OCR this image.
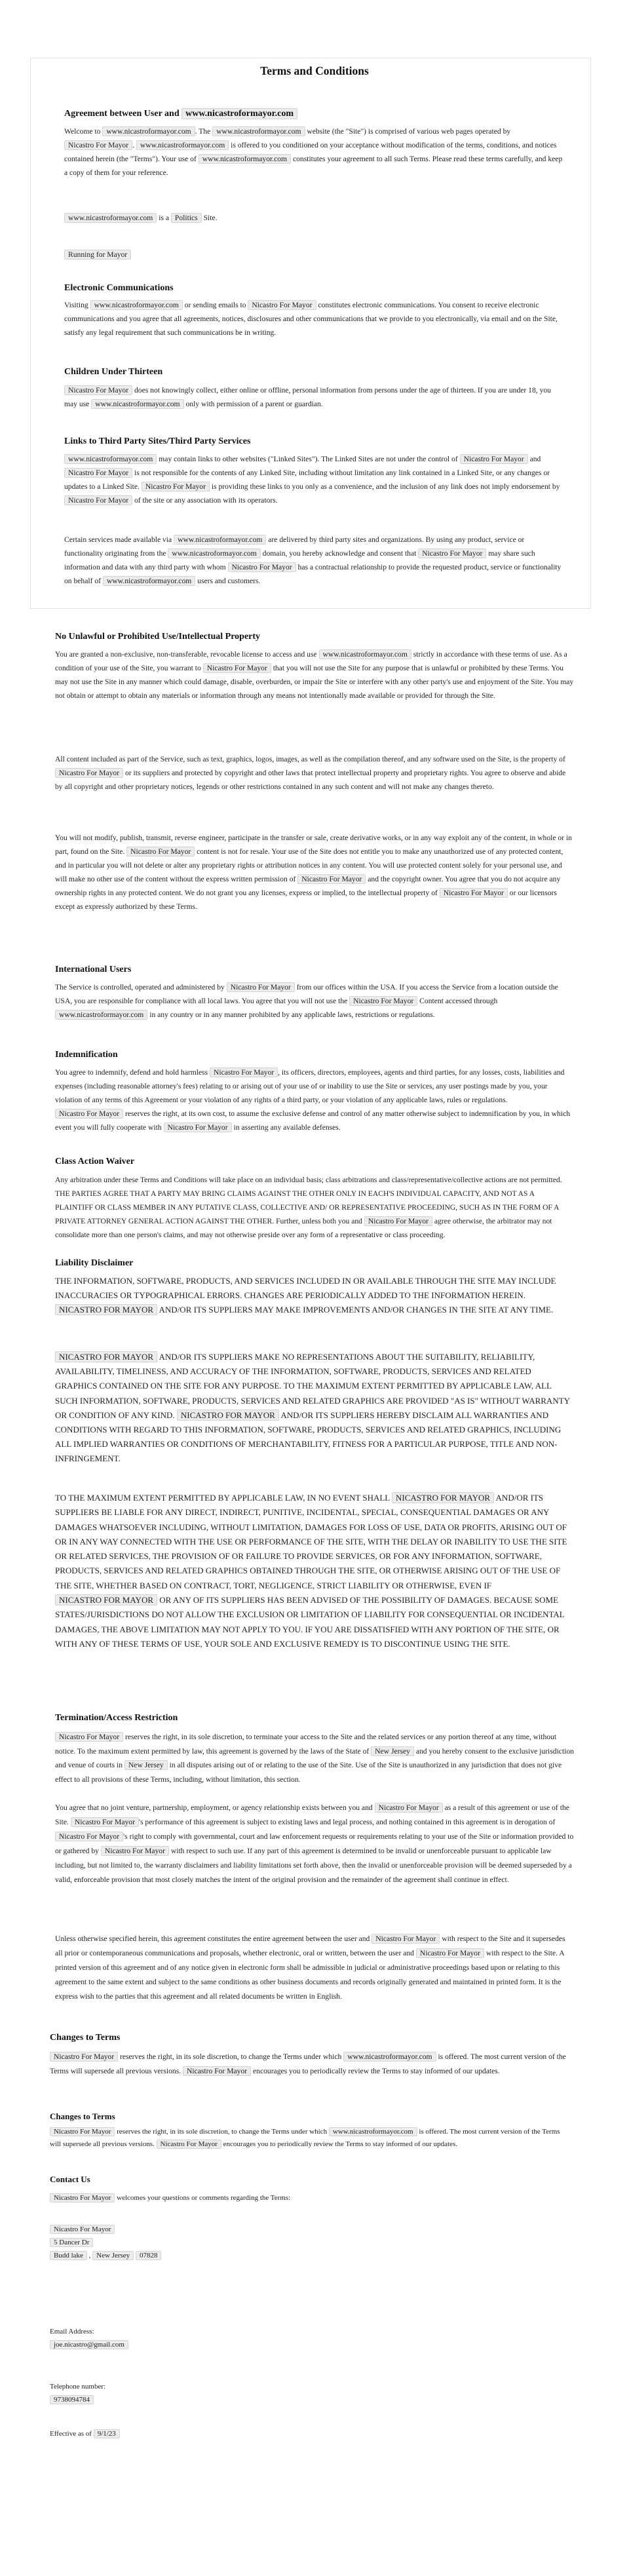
Terms and Conditions
Agreement between User and www.nicastroformayor.com

Welcome to www.nicastroformayor.com . The www.nicastroformayor.com website (the "Site") is comprised of various web pages operated by Nicastro For Mayor . www.nicastroformayor.com is offered to you conditioned on your acceptance without modification of the terms, conditions, and notices contained herein (the "Terms"). Your use of www.nicastroformayor.com constitutes your agreement to all such Terms. Please read these terms carefully, and keep a copy of them for your reference.

www.nicastroformayor.com is a Politics Site.

Running for Mayor
Electronic Communications

Visiting www.nicastroformayor.com or sending emails to Nicastro For Mayor constitutes electronic communications. You consent to receive electronic communications and you agree that all agreements, notices, disclosures and other communications that we provide to you electronically, via email and on the Site, satisfy any legal requirement that such communications be in writing.

Children Under Thirteen

Nicastro For Mayor does not knowingly collect, either online or offline, personal information from persons under the age of thirteen. If you are under 18, you may use www.nicastroformayor.com only with permission of a parent or guardian.

Links to Third Party Sites/Third Party Services

www.nicastroformayor.com may contain links to other websites ("Linked Sites"). The Linked Sites are not under the control of Nicastro For Mayor and Nicastro For Mayor is not responsible for the contents of any Linked Site, including without limitation any link contained in a Linked Site, or any changes or updates to a Linked Site. Nicastro For Mayor is providing these links to you only as a convenience, and the inclusion of any link does not imply endorsement by Nicastro For Mayor of the site or any association with its operators.

Certain services made available via www.nicastroformayor.com are delivered by third party sites and organizations. By using any product, service or functionality originating from the www.nicastroformayor.com domain, you hereby acknowledge and consent that Nicastro For Mayor may share such information and data with any third party with whom Nicastro For Mayor has a contractual relationship to provide the requested product, service or functionality on behalf of www.nicastroformayor.com users and customers.

No Unlawful or Prohibited Use/Intellectual Property

You are granted a non-exclusive, non-transferable, revocable license to access and use www.nicastroformayor.com strictly in accordance with these terms of use. As a condition of your use of the Site, you warrant to Nicastro For Mayor that you will not use the Site for any purpose that is unlawful or prohibited by these Terms. You may not use the Site in any manner which could damage, disable, overburden, or impair the Site or interfere with any other party's use and enjoyment of the Site. You may not obtain or attempt to obtain any materials or information through any means not intentionally made available or provided for through the Site.

All content included as part of the Service, such as text, graphics, logos, images, as well as the compilation thereof, and any software used on the Site, is the property of Nicastro For Mayor or its suppliers and protected by copyright and other laws that protect intellectual property and proprietary rights. You agree to observe and abide by all copyright and other proprietary notices, legends or other restrictions contained in any such content and will not make any changes thereto.

You will not modify, publish, transmit, reverse engineer, participate in the transfer or sale, create derivative works, or in any way exploit any of the content, in whole or in part, found on the Site. Nicastro For Mayor content is not for resale. Your use of the Site does not entitle you to make any unauthorized use of any protected content, and in particular you will not delete or alter any proprietary rights or attribution notices in any content. You will use protected content solely for your personal use, and will make no other use of the content without the express written permission of Nicastro For Mayor and the copyright owner. You agree that you do not acquire any ownership rights in any protected content. We do not grant you any licenses, express or implied, to the intellectual property of Nicastro For Mayor or our licensors except as expressly authorized by these Terms.

International Users

The Service is controlled, operated and administered by Nicastro For Mayor from our offices within the USA. If you access the Service from a location outside the USA, you are responsible for compliance with all local laws. You agree that you will not use the Nicastro For Mayor Content accessed through www.nicastroformayor.com in any country or in any manner prohibited by any applicable laws, restrictions or regulations.

Indemnification

You agree to indemnify, defend and hold harmless Nicastro For Mayor , its officers, directors, employees, agents and third parties, for any losses, costs, liabilities and expenses (including reasonable attorney's fees) relating to or arising out of your use of or inability to use the Site or services, any user postings made by you, your violation of any terms of this Agreement or your violation of any rights of a third party, or your violation of any applicable laws, rules or regulations. Nicastro For Mayor reserves the right, at its own cost, to assume the exclusive defense and control of any matter otherwise subject to indemnification by you, in which event you will fully cooperate with Nicastro For Mayor in asserting any available defenses.

Class Action Waiver

Any arbitration under these Terms and Conditions will take place on an individual basis; class arbitrations and class/representative/collective actions are not permitted. THE PARTIES AGREE THAT A PARTY MAY BRING CLAIMS AGAINST THE OTHER ONLY IN EACH'S INDIVIDUAL CAPACITY, AND NOT AS A PLAINTIFF OR CLASS MEMBER IN ANY PUTATIVE CLASS, COLLECTIVE AND/ OR REPRESENTATIVE PROCEEDING, SUCH AS IN THE FORM OF A PRIVATE ATTORNEY GENERAL ACTION AGAINST THE OTHER. Further, unless both you and Nicastro For Mayor agree otherwise, the arbitrator may not consolidate more than one person's claims, and may not otherwise preside over any form of a representative or class proceeding.

Liability Disclaimer

THE INFORMATION, SOFTWARE, PRODUCTS, AND SERVICES INCLUDED IN OR AVAILABLE THROUGH THE SITE MAY INCLUDE INACCURACIES OR TYPOGRAPHICAL ERRORS. CHANGES ARE PERIODICALLY ADDED TO THE INFORMATION HEREIN. NICASTRO FOR MAYOR AND/OR ITS SUPPLIERS MAY MAKE IMPROVEMENTS AND/OR CHANGES IN THE SITE AT ANY TIME.

NICASTRO FOR MAYOR AND/OR ITS SUPPLIERS MAKE NO REPRESENTATIONS ABOUT THE SUITABILITY, RELIABILITY, AVAILABILITY, TIMELINESS, AND ACCURACY OF THE INFORMATION, SOFTWARE, PRODUCTS, SERVICES AND RELATED GRAPHICS CONTAINED ON THE SITE FOR ANY PURPOSE. TO THE MAXIMUM EXTENT PERMITTED BY APPLICABLE LAW, ALL SUCH INFORMATION, SOFTWARE, PRODUCTS, SERVICES AND RELATED GRAPHICS ARE PROVIDED "AS IS" WITHOUT WARRANTY OR CONDITION OF ANY KIND. NICASTRO FOR MAYOR AND/OR ITS SUPPLIERS HEREBY DISCLAIM ALL WARRANTIES AND CONDITIONS WITH REGARD TO THIS INFORMATION, SOFTWARE, PRODUCTS, SERVICES AND RELATED GRAPHICS, INCLUDING ALL IMPLIED WARRANTIES OR CONDITIONS OF MERCHANTABILITY, FITNESS FOR A PARTICULAR PURPOSE, TITLE AND NON-INFRINGEMENT.

TO THE MAXIMUM EXTENT PERMITTED BY APPLICABLE LAW, IN NO EVENT SHALL NICASTRO FOR MAYOR AND/OR ITS SUPPLIERS BE LIABLE FOR ANY DIRECT, INDIRECT, PUNITIVE, INCIDENTAL, SPECIAL, CONSEQUENTIAL DAMAGES OR ANY DAMAGES WHATSOEVER INCLUDING, WITHOUT LIMITATION, DAMAGES FOR LOSS OF USE, DATA OR PROFITS, ARISING OUT OF OR IN ANY WAY CONNECTED WITH THE USE OR PERFORMANCE OF THE SITE, WITH THE DELAY OR INABILITY TO USE THE SITE OR RELATED SERVICES, THE PROVISION OF OR FAILURE TO PROVIDE SERVICES, OR FOR ANY INFORMATION, SOFTWARE, PRODUCTS, SERVICES AND RELATED GRAPHICS OBTAINED THROUGH THE SITE, OR OTHERWISE ARISING OUT OF THE USE OF THE SITE, WHETHER BASED ON CONTRACT, TORT, NEGLIGENCE, STRICT LIABILITY OR OTHERWISE, EVEN IF NICASTRO FOR MAYOR OR ANY OF ITS SUPPLIERS HAS BEEN ADVISED OF THE POSSIBILITY OF DAMAGES. BECAUSE SOME STATES/JURISDICTIONS DO NOT ALLOW THE EXCLUSION OR LIMITATION OF LIABILITY FOR CONSEQUENTIAL OR INCIDENTAL DAMAGES, THE ABOVE LIMITATION MAY NOT APPLY TO YOU. IF YOU ARE DISSATISFIED WITH ANY PORTION OF THE SITE, OR WITH ANY OF THESE TERMS OF USE, YOUR SOLE AND EXCLUSIVE REMEDY IS TO DISCONTINUE USING THE SITE.

Termination/Access Restriction

Nicastro For Mayor reserves the right, in its sole discretion, to terminate your access to the Site and the related services or any portion thereof at any time, without notice. To the maximum extent permitted by law, this agreement is governed by the laws of the State of New Jersey and you hereby consent to the exclusive jurisdiction and venue of courts in New Jersey in all disputes arising out of or relating to the use of the Site. Use of the Site is unauthorized in any jurisdiction that does not give effect to all provisions of these Terms, including, without limitation, this section.

You agree that no joint venture, partnership, employment, or agency relationship exists between you and Nicastro For Mayor as a result of this agreement or use of the Site. Nicastro For Mayor 's performance of this agreement is subject to existing laws and legal process, and nothing contained in this agreement is in derogation of Nicastro For Mayor 's right to comply with governmental, court and law enforcement requests or requirements relating to your use of the Site or information provided to or gathered by Nicastro For Mayor with respect to such use. If any part of this agreement is determined to be invalid or unenforceable pursuant to applicable law including, but not limited to, the warranty disclaimers and liability limitations set forth above, then the invalid or unenforceable provision will be deemed superseded by a valid, enforceable provision that most closely matches the intent of the original provision and the remainder of the agreement shall continue in effect.

Unless otherwise specified herein, this agreement constitutes the entire agreement between the user and Nicastro For Mayor with respect to the Site and it supersedes all prior or contemporaneous communications and proposals, whether electronic, oral or written, between the user and Nicastro For Mayor with respect to the Site. A printed version of this agreement and of any notice given in electronic form shall be admissible in judicial or administrative proceedings based upon or relating to this agreement to the same extent and subject to the same conditions as other business documents and records originally generated and maintained in printed form. It is the express wish to the parties that this agreement and all related documents be written in English.

Changes to Terms

Nicastro For Mayor reserves the right, in its sole discretion, to change the Terms under which www.nicastroformayor.com is offered. The most current version of the Terms will supersede all previous versions. Nicastro For Mayor encourages you to periodically review the Terms to stay informed of our updates.

Changes to Terms

Nicastro For Mayor reserves the right, in its sole discretion, to change the Terms under which www.nicastroformayor.com is offered. The most current version of the Terms will supersede all previous versions. Nicastro For Mayor encourages you to periodically review the Terms to stay informed of our updates.

Contact Us
Nicastro For Mayor welcomes your questions or comments regarding the Terms:
Nicastro For Mayor
5 Dancer Dr
Budd lake , New Jersey 07828
Email Address:
joe.nicastro@gmail.com
Telephone number:
9738094784
Effective as of 9/1/23
